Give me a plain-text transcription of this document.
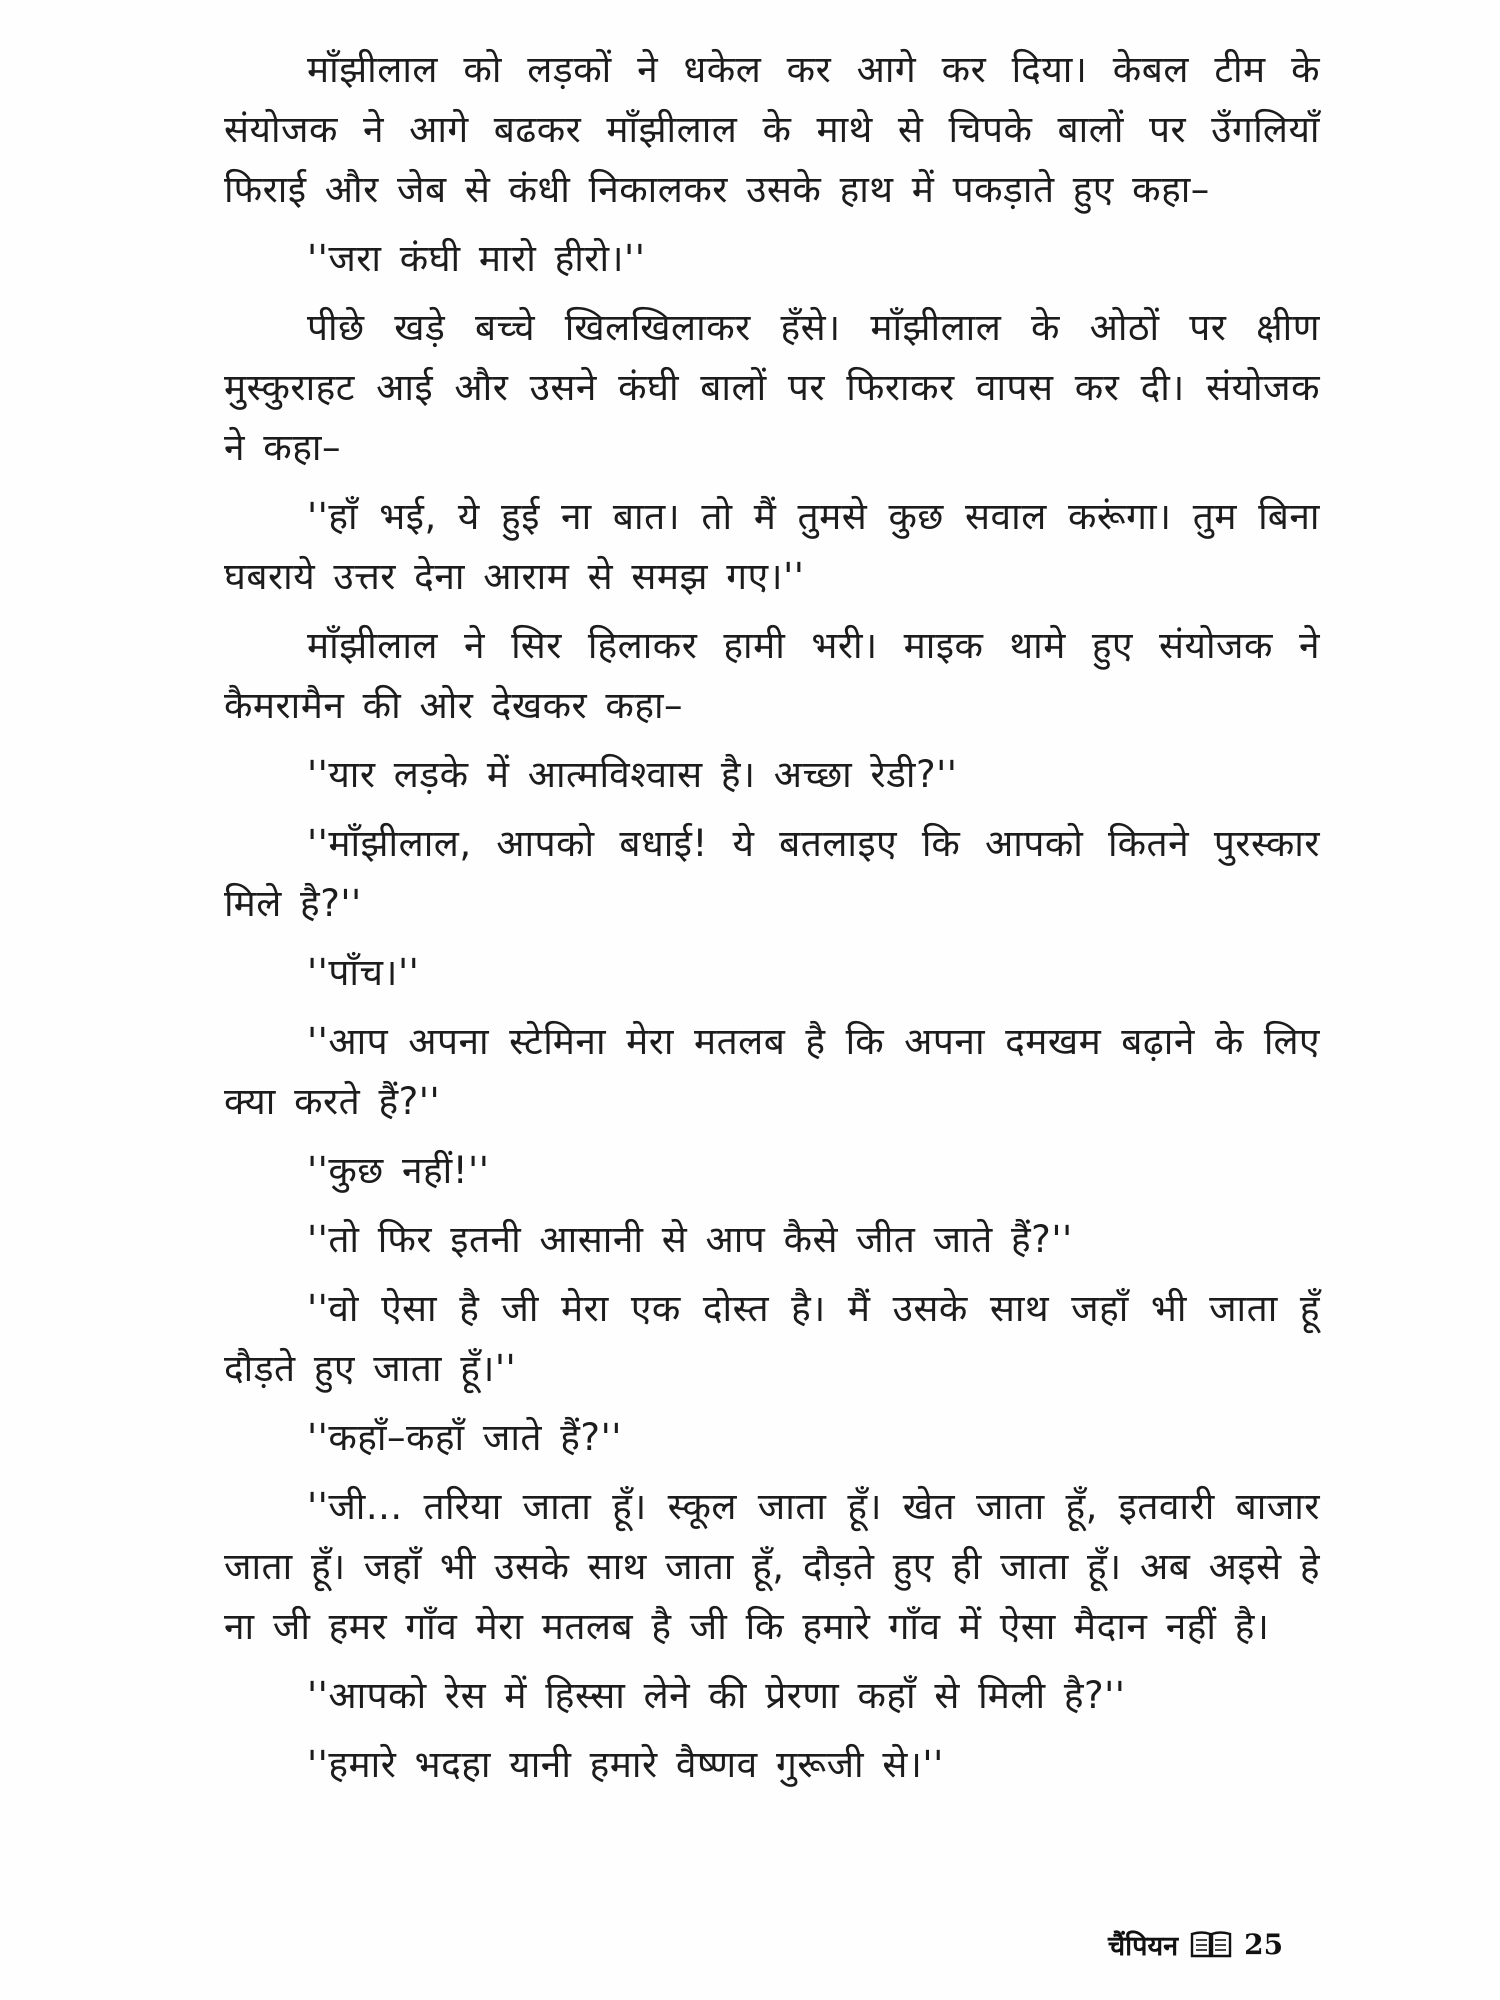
माँझीलाल को लड़कों ने धकेल कर आगे कर दिया। केबल टीम के संयोजक ने आगे बढकर माँझीलाल के माथे से चिपके बालों पर उँगलियाँ फिराई और जेब से कंधी निकालकर उसके हाथ में पकड़ाते हुए कहा–

''जरा कंघी मारो हीरो।''

पीछे खड़े बच्चे खिलखिलाकर हँसे। माँझीलाल के ओठों पर क्षीण मुस्कुराहट आई और उसने कंघी बालों पर फिराकर वापस कर दी। संयोजक ने कहा–

''हाँ भई, ये हुई ना बात। तो मैं तुमसे कुछ सवाल करूंगा। तुम बिना घबराये उत्तर देना आराम से समझ गए।''

माँझीलाल ने सिर हिलाकर हामी भरी। माइक थामे हुए संयोजक ने कैमरामैन की ओर देखकर कहा–

''यार लड़के में आत्मविश्वास है। अच्छा रेडी?''

''माँझीलाल, आपको बधाई! ये बतलाइए कि आपको कितने पुरस्कार मिले है?''

''पाँच।''

''आप अपना स्टेमिना मेरा मतलब है कि अपना दमखम बढ़ाने के लिए क्या करते हैं?''

''कुछ नहीं!''

''तो फिर इतनी आसानी से आप कैसे जीत जाते हैं?''

''वो ऐसा है जी मेरा एक दोस्त है। मैं उसके साथ जहाँ भी जाता हूँ दौड़ते हुए जाता हूँ।''

''कहाँ–कहाँ जाते हैं?''

''जी... तरिया जाता हूँ। स्कूल जाता हूँ। खेत जाता हूँ, इतवारी बाजार जाता हूँ। जहाँ भी उसके साथ जाता हूँ, दौड़ते हुए ही जाता हूँ। अब अइसे हे ना जी हमर गाँव मेरा मतलब है जी कि हमारे गाँव में ऐसा मैदान नहीं है।

''आपको रेस में हिस्सा लेने की प्रेरणा कहाँ से मिली है?''

''हमारे भदहा यानी हमारे वैष्णव गुरूजी से।''

चैंपियन 25
